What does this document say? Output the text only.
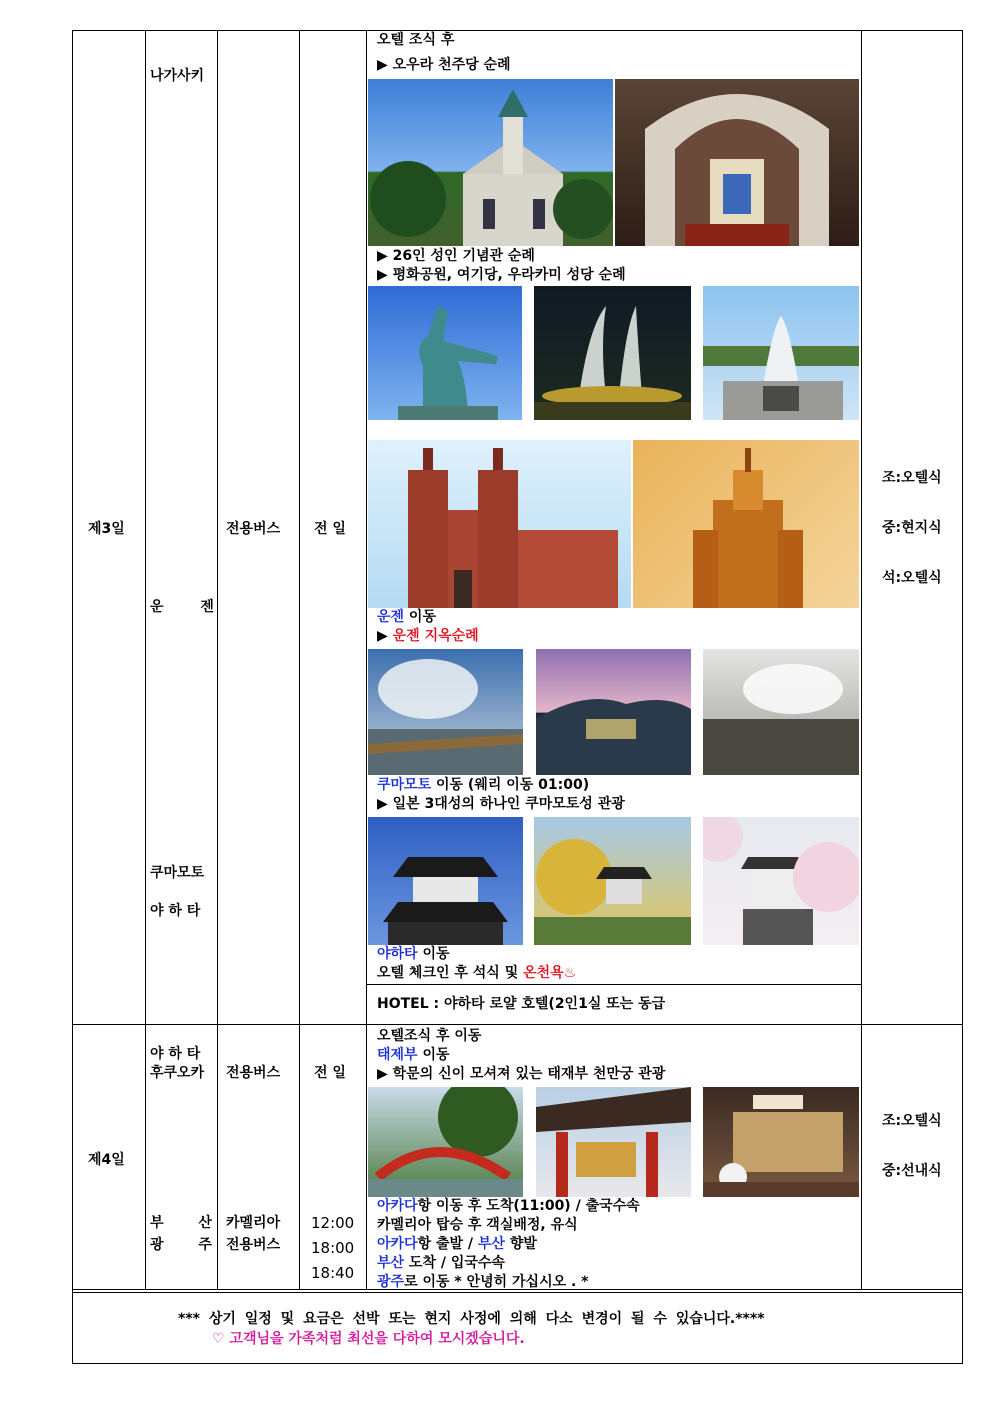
제3일
나가사키
운 젠
쿠마모토
야 하 타
전용버스 전 일
오텔 조식 후
▶ 오우라 천주당 순례
▶ 26인 성인 기념관 순례
▶ 평화공원, 여기당, 우라카미 성당 순례
운젠 이동
▶ 운젠 지옥순례
쿠마모토 이동 (웨리 이동 01:00)
▶ 일본 3대성의 하나인 쿠마모토성 관광
야하타 이동
오텔 체크인 후 석식 및 온천욕♨
HOTEL : 야하타 로얄 호텔(2인1실 또는 동급
조:오텔식
중:현지식
석:오텔식
제4일
야 하 타
후쿠오카
부 산
광 주
전용버스
카멜리아
전용버스
전 일
12:00
18:00
18:40
오텔조식 후 이동
태제부 이동
▶ 학문의 신이 모셔져 있는 태재부 천만궁 관광
아카다항 이동 후 도착(11:00) / 출국수속
카멜리아 탑승 후 객실배정, 유식
아카다항 출발 / 부산 향발
부산 도착 / 입국수속
광주로 이동 * 안녕히 가십시오 . *
조:오텔식
중:선내식
*** 상기 일정 및 요금은 선박 또는 현지 사정에 의해 다소 변경이 될 수 있습니다.****
♡ 고객님을 가족처럼 최선을 다하여 모시겠습니다.
